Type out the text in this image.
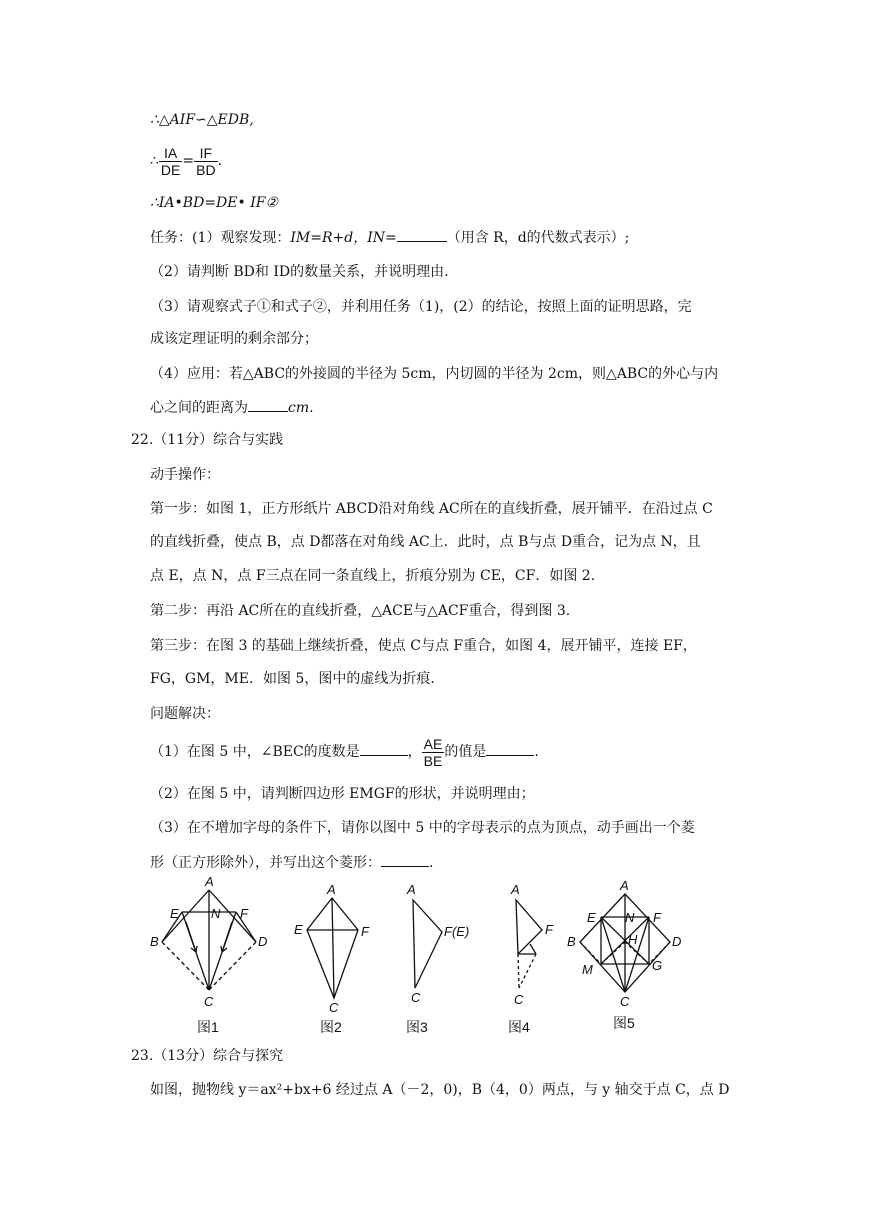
∴△AIF∽△EDB,
∴ $\frac{IA}{DE} = \frac{IF}{BD}$ .
∴IA•BD=DE• IF②
任务：(1）观察发现：IM=R+d，IN=	（用含 R，d的代数式表示）;
（2）请判断 BD和 ID的数量关系，并说明理由.
（3）请观察式子①和式子②，并利用任务（1)，(2）的结论，按照上面的证明思路，完
成该定理证明的剩余部分；
（4）应用：若△ABC的外接圆的半径为 5cm，内切圆的半径为 2cm，则△ABC的外心与内
心之间的距离为	cm.
22.（11分）综合与实践
动手操作：
第一步：如图 1，正方形纸片 ABCD沿对角线 AC所在的直线折叠，展开铺平．在沿过点 C
的直线折叠，使点 B，点 D都落在对角线 AC上．此时，点 B与点 D重合，记为点 N，且
点 E，点 N，点 F三点在同一条直线上，折痕分别为 CE，CF．如图 2.
第二步：再沿 AC所在的直线折叠，△ACE与△ACF重合，得到图 3.
第三步：在图 3 的基础上继续折叠，使点 C与点 F重合，如图 4，展开铺平，连接 EF，
FG，GM，ME．如图 5，图中的虚线为折痕.
问题解决：
（1）在图 5 中，∠BEC的度数是	， $\frac{AE}{BE}$ 的值是	.
（2）在图 5 中，请判断四边形 EMGF的形状，并说明理由；
（3）在不增加字母的条件下，请你以图中 5 中的字母表示的点为顶点，动手画出一个菱
形（正方形除外），并写出这个菱形：	.
A
E N F
B	D
C
图1
A
E	F
C
图2
A
F(E)
C
图3
A
F
C
图4
A
E N F
B	H	D
M	G
C
图5
23.（13分）综合与探究
如图，抛物线 y＝ax²+bx+6 经过点 A（－2，0)，B（4，0）两点，与 y 轴交于点 C，点 D
